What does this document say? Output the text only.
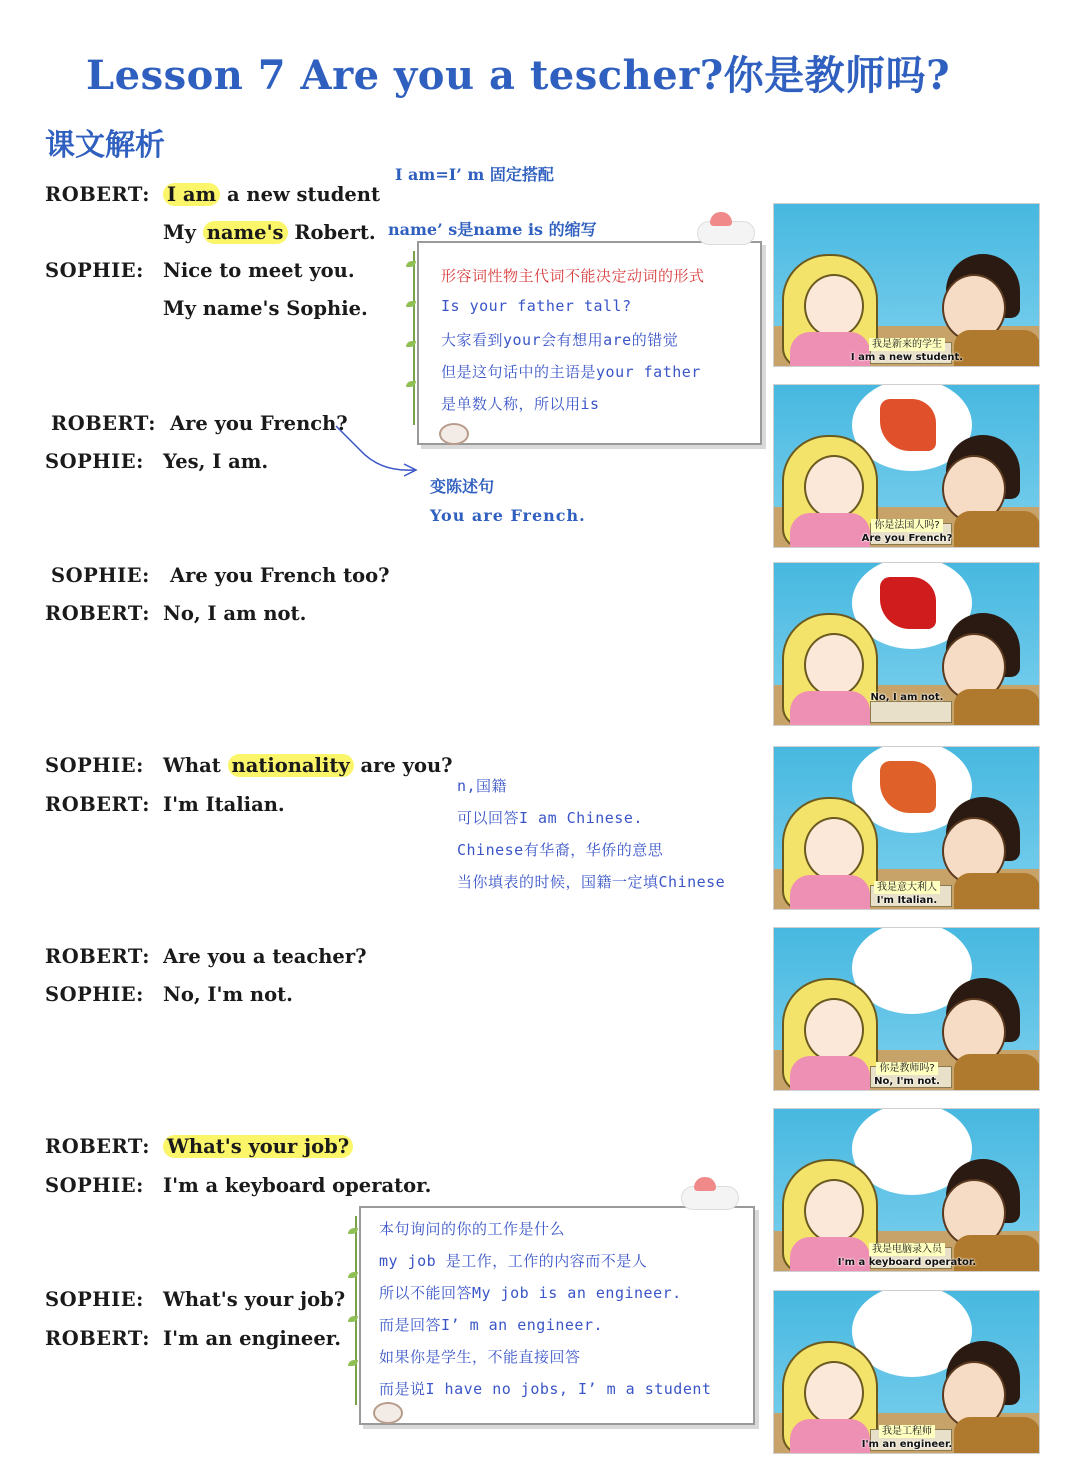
Lesson 7 Are you a tescher?你是教师吗?
课文解析
ROBERT: I am a new student
My name's Robert.
SOPHIE: Nice to meet you.
My name's Sophie.
ROBERT: Are you French?
SOPHIE: Yes, I am.
SOPHIE: Are you French too?
ROBERT: No, I am not.
SOPHIE: What nationality are you?
ROBERT: I'm Italian.
ROBERT: Are you a teacher?
SOPHIE: No, I'm not.
ROBERT: What's your job?
SOPHIE: I'm a keyboard operator.
SOPHIE: What's your job?
ROBERT: I'm an engineer.
I am=I’ m 固定搭配
name’ s是name is 的缩写
形容词性物主代词不能决定动词的形式
Is your father tall?
大家看到your会有想用are的错觉
但是这句话中的主语是your father
是单数人称，所以用is
变陈述句
You are French.
n,国籍
可以回答I am Chinese.
Chinese有华裔，华侨的意思
当你填表的时候，国籍一定填Chinese
本句询问的你的工作是什么
my job 是工作，工作的内容而不是人
所以不能回答My job is an engineer.
而是回答I’ m an engineer.
如果你是学生，不能直接回答
而是说I have no jobs, I’ m a student
我是新来的学生
I am a new student.
你是法国人吗?
Are you French?
No, I am not.
我是意大利人
I'm Italian.
你是教师吗?
No, I'm not.
我是电脑录入员
I'm a keyboard operator.
我是工程师
I'm an engineer.
